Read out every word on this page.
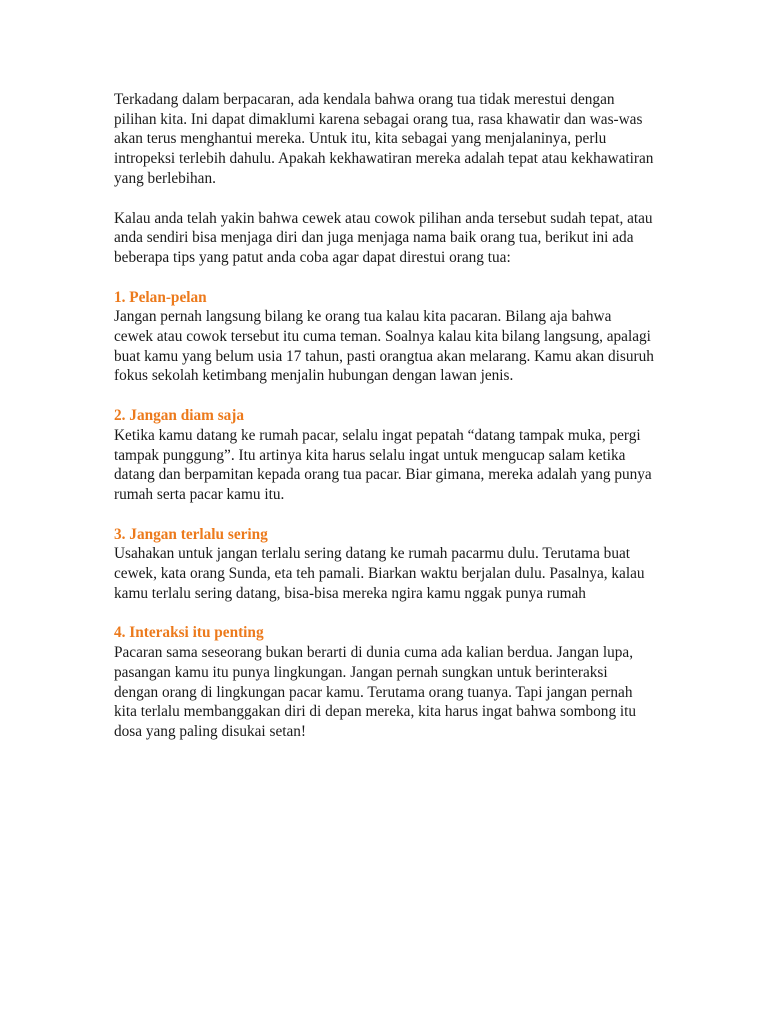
Terkadang dalam berpacaran, ada kendala bahwa orang tua tidak merestui dengan pilihan kita. Ini dapat dimaklumi karena sebagai orang tua, rasa khawatir dan was-was akan terus menghantui mereka. Untuk itu, kita sebagai yang menjalaninya, perlu intropeksi terlebih dahulu. Apakah kekhawatiran mereka adalah tepat atau kekhawatiran yang berlebihan.

Kalau anda telah yakin bahwa cewek atau cowok pilihan anda tersebut sudah tepat, atau anda sendiri bisa menjaga diri dan juga menjaga nama baik orang tua, berikut ini ada beberapa tips yang patut anda coba agar dapat direstui orang tua:

1. Pelan-pelan

Jangan pernah langsung bilang ke orang tua kalau kita pacaran. Bilang aja bahwa cewek atau cowok tersebut itu cuma teman. Soalnya kalau kita bilang langsung, apalagi buat kamu yang belum usia 17 tahun, pasti orangtua akan melarang. Kamu akan disuruh fokus sekolah ketimbang menjalin hubungan dengan lawan jenis.

2. Jangan diam saja

Ketika kamu datang ke rumah pacar, selalu ingat pepatah “datang tampak muka, pergi tampak punggung”. Itu artinya kita harus selalu ingat untuk mengucap salam ketika datang dan berpamitan kepada orang tua pacar. Biar gimana, mereka adalah yang punya rumah serta pacar kamu itu.

3. Jangan terlalu sering

Usahakan untuk jangan terlalu sering datang ke rumah pacarmu dulu. Terutama buat cewek, kata orang Sunda, eta teh pamali. Biarkan waktu berjalan dulu. Pasalnya, kalau kamu terlalu sering datang, bisa-bisa mereka ngira kamu nggak punya rumah

4. Interaksi itu penting

Pacaran sama seseorang bukan berarti di dunia cuma ada kalian berdua. Jangan lupa, pasangan kamu itu punya lingkungan. Jangan pernah sungkan untuk berinteraksi dengan orang di lingkungan pacar kamu. Terutama orang tuanya. Tapi jangan pernah kita terlalu membanggakan diri di depan mereka, kita harus ingat bahwa sombong itu dosa yang paling disukai setan!
